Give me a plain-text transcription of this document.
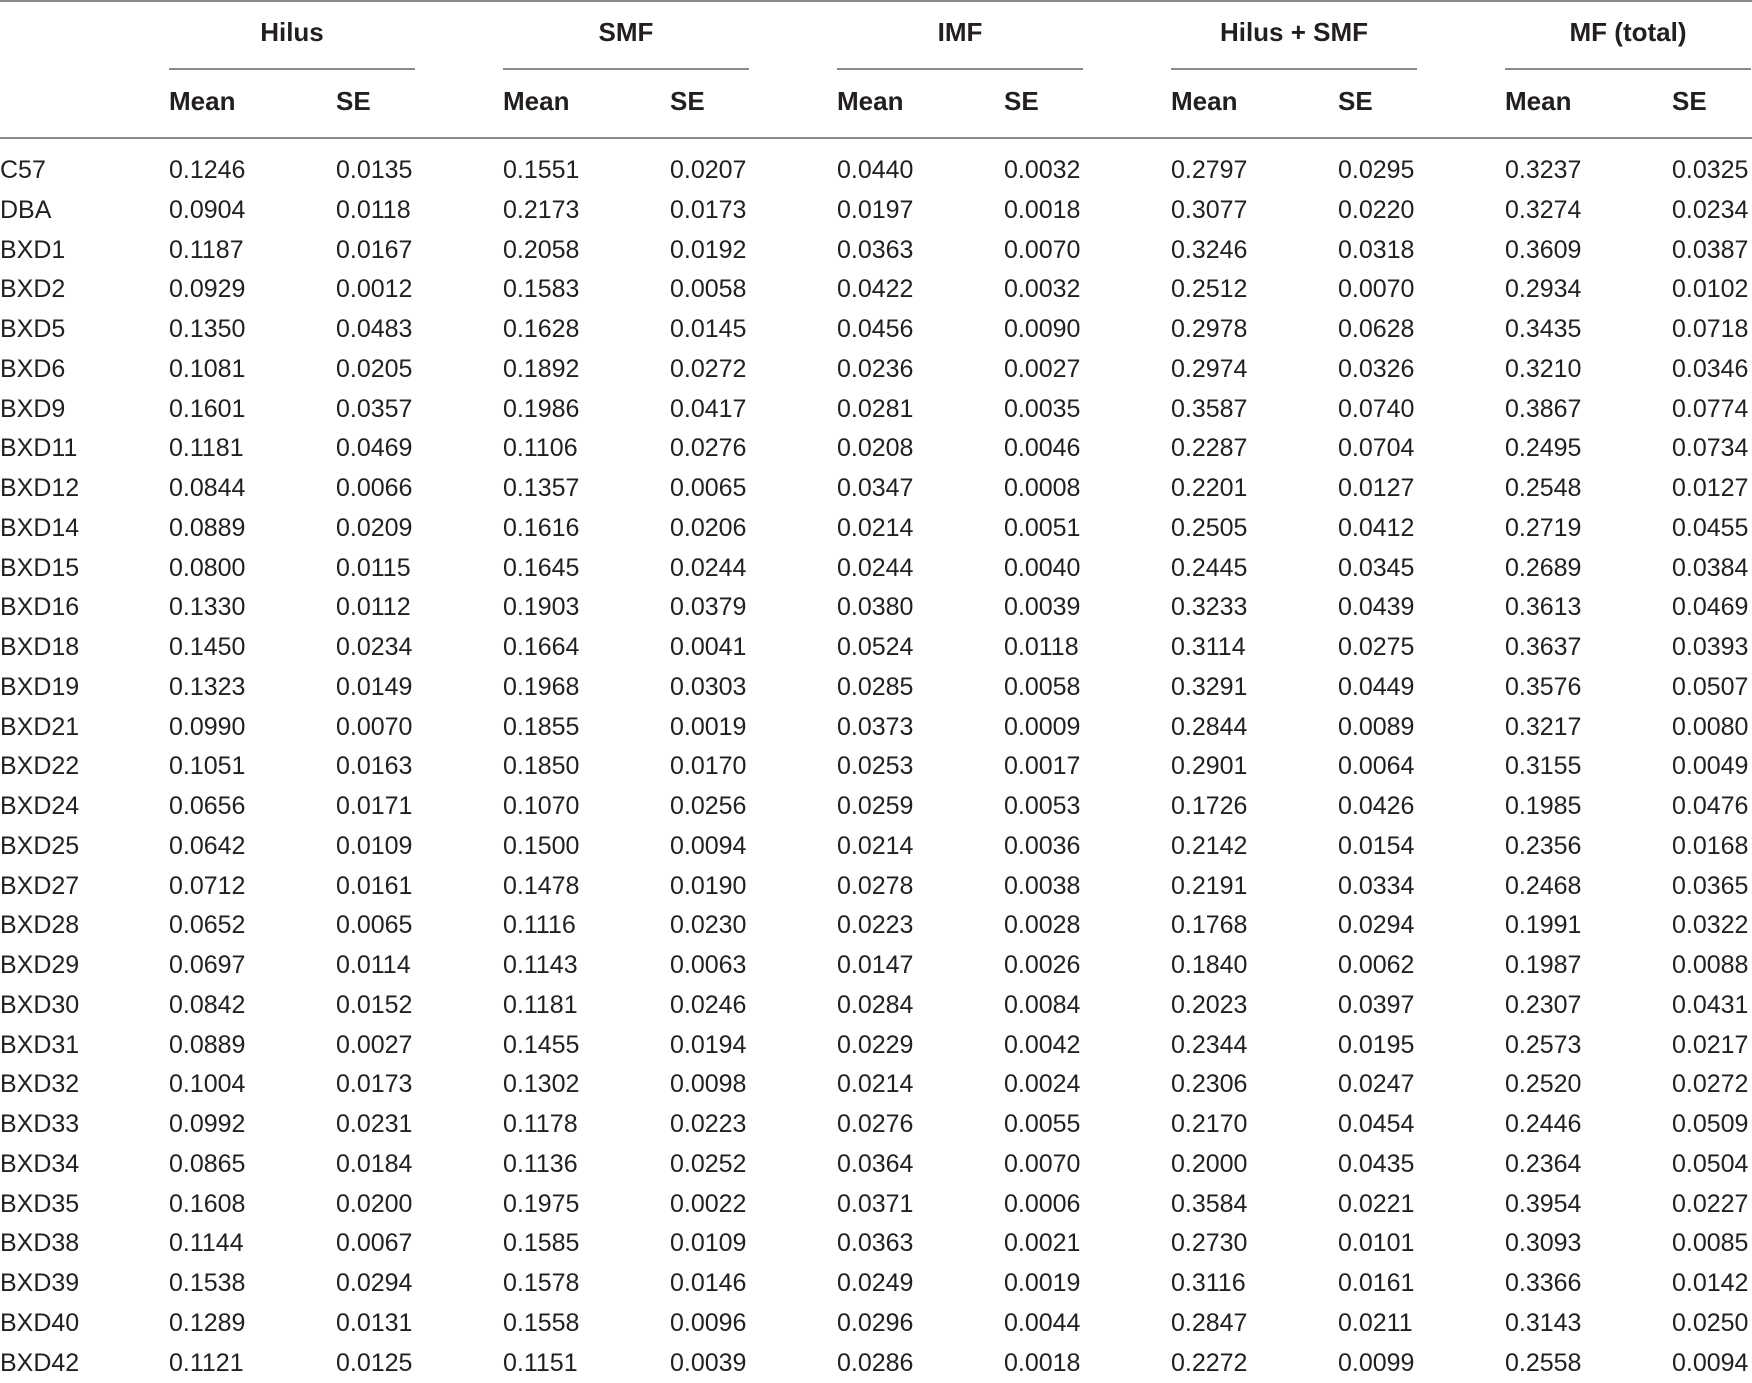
Hilus	SMF	IMF	Hilus + SMF	MF (total)
Mean	SE	Mean	SE	Mean	SE	Mean	SE	Mean	SE
C57	0.1246	0.0135	0.1551	0.0207	0.0440	0.0032	0.2797	0.0295	0.3237	0.0325
DBA	0.0904	0.0118	0.2173	0.0173	0.0197	0.0018	0.3077	0.0220	0.3274	0.0234
BXD1	0.1187	0.0167	0.2058	0.0192	0.0363	0.0070	0.3246	0.0318	0.3609	0.0387
BXD2	0.0929	0.0012	0.1583	0.0058	0.0422	0.0032	0.2512	0.0070	0.2934	0.0102
BXD5	0.1350	0.0483	0.1628	0.0145	0.0456	0.0090	0.2978	0.0628	0.3435	0.0718
BXD6	0.1081	0.0205	0.1892	0.0272	0.0236	0.0027	0.2974	0.0326	0.3210	0.0346
BXD9	0.1601	0.0357	0.1986	0.0417	0.0281	0.0035	0.3587	0.0740	0.3867	0.0774
BXD11	0.1181	0.0469	0.1106	0.0276	0.0208	0.0046	0.2287	0.0704	0.2495	0.0734
BXD12	0.0844	0.0066	0.1357	0.0065	0.0347	0.0008	0.2201	0.0127	0.2548	0.0127
BXD14	0.0889	0.0209	0.1616	0.0206	0.0214	0.0051	0.2505	0.0412	0.2719	0.0455
BXD15	0.0800	0.0115	0.1645	0.0244	0.0244	0.0040	0.2445	0.0345	0.2689	0.0384
BXD16	0.1330	0.0112	0.1903	0.0379	0.0380	0.0039	0.3233	0.0439	0.3613	0.0469
BXD18	0.1450	0.0234	0.1664	0.0041	0.0524	0.0118	0.3114	0.0275	0.3637	0.0393
BXD19	0.1323	0.0149	0.1968	0.0303	0.0285	0.0058	0.3291	0.0449	0.3576	0.0507
BXD21	0.0990	0.0070	0.1855	0.0019	0.0373	0.0009	0.2844	0.0089	0.3217	0.0080
BXD22	0.1051	0.0163	0.1850	0.0170	0.0253	0.0017	0.2901	0.0064	0.3155	0.0049
BXD24	0.0656	0.0171	0.1070	0.0256	0.0259	0.0053	0.1726	0.0426	0.1985	0.0476
BXD25	0.0642	0.0109	0.1500	0.0094	0.0214	0.0036	0.2142	0.0154	0.2356	0.0168
BXD27	0.0712	0.0161	0.1478	0.0190	0.0278	0.0038	0.2191	0.0334	0.2468	0.0365
BXD28	0.0652	0.0065	0.1116	0.0230	0.0223	0.0028	0.1768	0.0294	0.1991	0.0322
BXD29	0.0697	0.0114	0.1143	0.0063	0.0147	0.0026	0.1840	0.0062	0.1987	0.0088
BXD30	0.0842	0.0152	0.1181	0.0246	0.0284	0.0084	0.2023	0.0397	0.2307	0.0431
BXD31	0.0889	0.0027	0.1455	0.0194	0.0229	0.0042	0.2344	0.0195	0.2573	0.0217
BXD32	0.1004	0.0173	0.1302	0.0098	0.0214	0.0024	0.2306	0.0247	0.2520	0.0272
BXD33	0.0992	0.0231	0.1178	0.0223	0.0276	0.0055	0.2170	0.0454	0.2446	0.0509
BXD34	0.0865	0.0184	0.1136	0.0252	0.0364	0.0070	0.2000	0.0435	0.2364	0.0504
BXD35	0.1608	0.0200	0.1975	0.0022	0.0371	0.0006	0.3584	0.0221	0.3954	0.0227
BXD38	0.1144	0.0067	0.1585	0.0109	0.0363	0.0021	0.2730	0.0101	0.3093	0.0085
BXD39	0.1538	0.0294	0.1578	0.0146	0.0249	0.0019	0.3116	0.0161	0.3366	0.0142
BXD40	0.1289	0.0131	0.1558	0.0096	0.0296	0.0044	0.2847	0.0211	0.3143	0.0250
BXD42	0.1121	0.0125	0.1151	0.0039	0.0286	0.0018	0.2272	0.0099	0.2558	0.0094
